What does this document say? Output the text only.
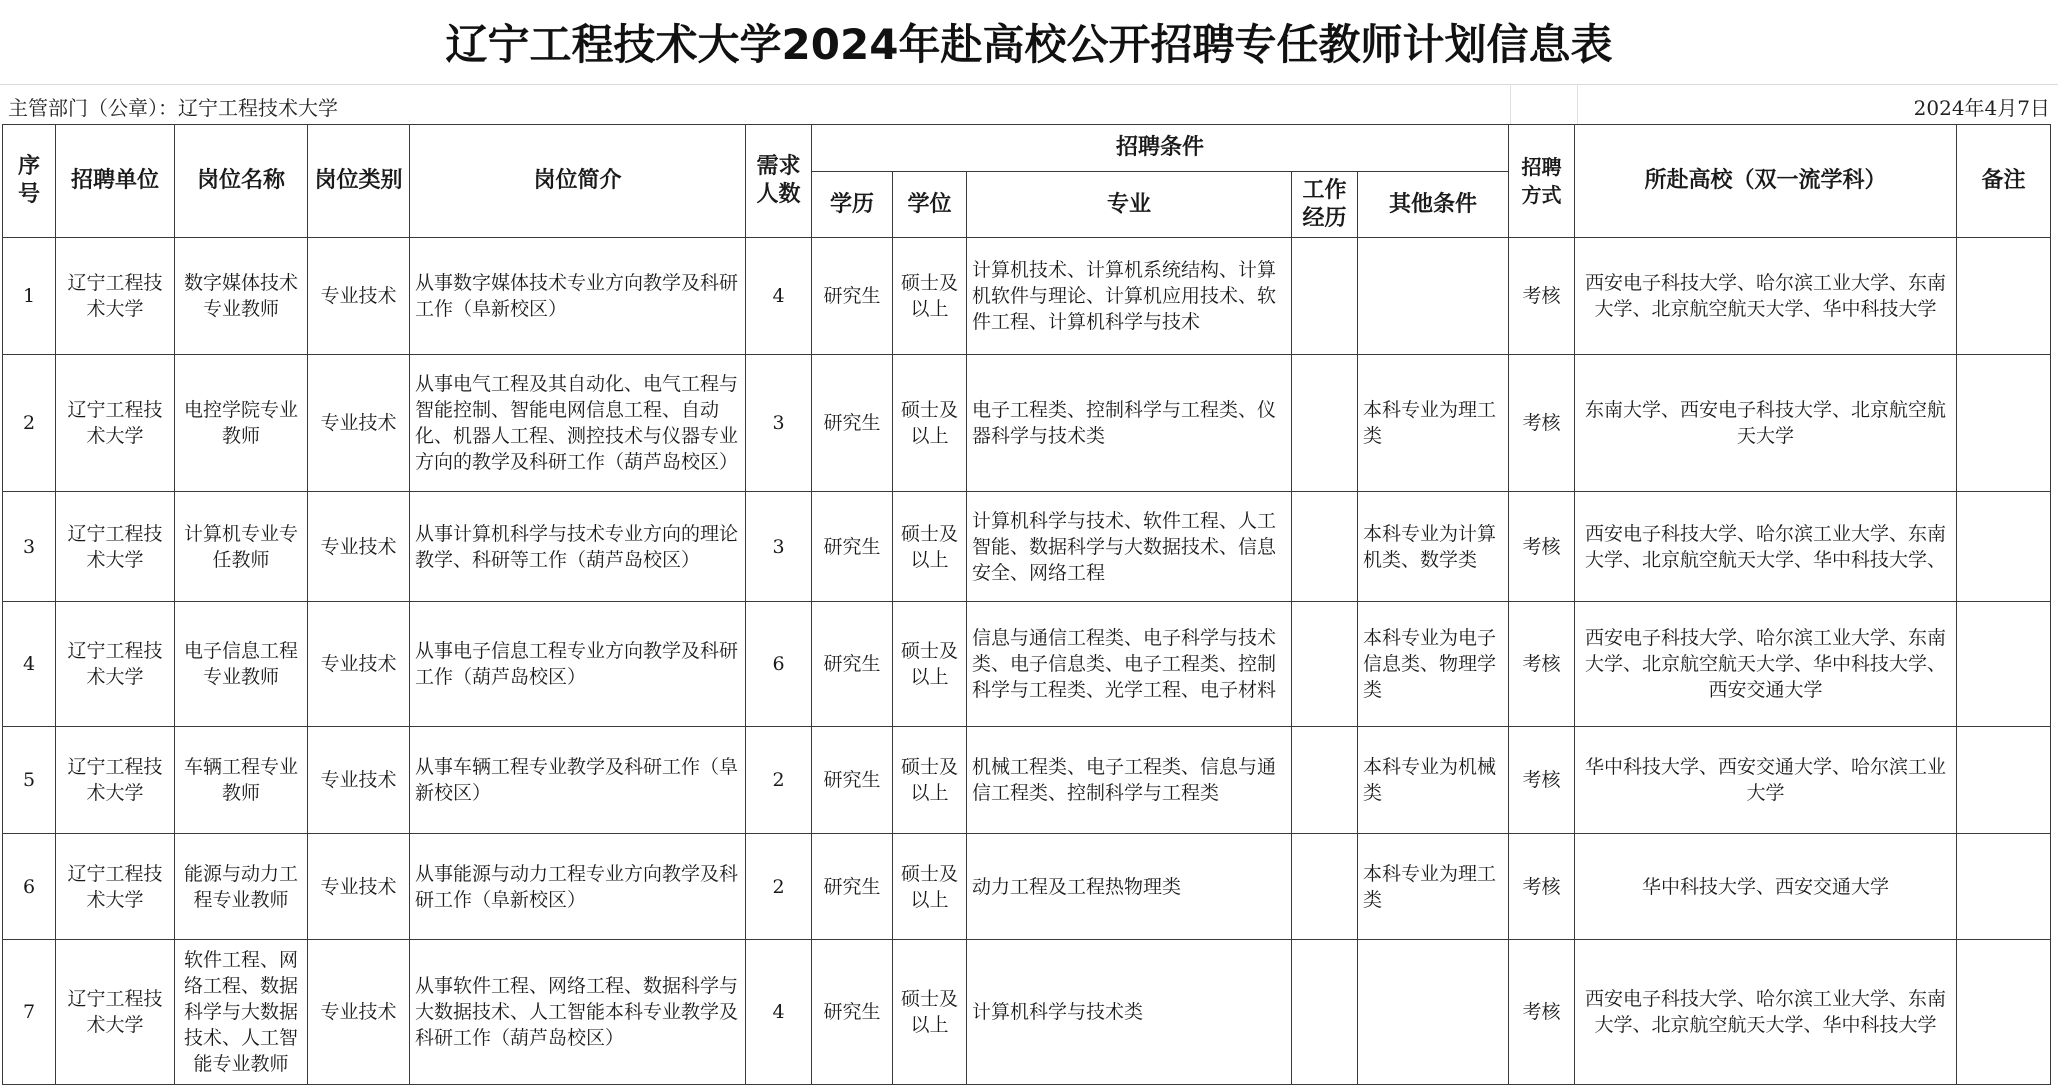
辽宁工程技术大学2024年赴高校公开招聘专任教师计划信息表
主管部门（公章）：辽宁工程技术大学	2024年4月7日
序号	招聘单位	岗位名称	岗位类别	岗位简介	需求人数	招聘条件					招聘方式	所赴高校（双一流学科）	备注
						学历	学位	专业	工作经历	其他条件			
1	辽宁工程技术大学	数字媒体技术专业教师	专业技术	从事数字媒体技术专业方向教学及科研工作（阜新校区）	4	研究生	硕士及以上	计算机技术、计算机系统结构、计算机软件与理论、计算机应用技术、软件工程、计算机科学与技术			考核	西安电子科技大学、哈尔滨工业大学、东南大学、北京航空航天大学、华中科技大学	
2	辽宁工程技术大学	电控学院专业教师	专业技术	从事电气工程及其自动化、电气工程与智能控制、智能电网信息工程、自动化、机器人工程、测控技术与仪器专业方向的教学及科研工作（葫芦岛校区）	3	研究生	硕士及以上	电子工程类、控制科学与工程类、仪器科学与技术类		本科专业为理工类	考核	东南大学、西安电子科技大学、北京航空航天大学	
3	辽宁工程技术大学	计算机专业专任教师	专业技术	从事计算机科学与技术专业方向的理论教学、科研等工作（葫芦岛校区）	3	研究生	硕士及以上	计算机科学与技术、软件工程、人工智能、数据科学与大数据技术、信息安全、网络工程		本科专业为计算机类、数学类	考核	西安电子科技大学、哈尔滨工业大学、东南大学、北京航空航天大学、华中科技大学、	
4	辽宁工程技术大学	电子信息工程专业教师	专业技术	从事电子信息工程专业方向教学及科研工作（葫芦岛校区）	6	研究生	硕士及以上	信息与通信工程类、电子科学与技术类、电子信息类、电子工程类、控制科学与工程类、光学工程、电子材料		本科专业为电子信息类、物理学类	考核	西安电子科技大学、哈尔滨工业大学、东南大学、北京航空航天大学、华中科技大学、西安交通大学	
5	辽宁工程技术大学	车辆工程专业教师	专业技术	从事车辆工程专业教学及科研工作（阜新校区）	2	研究生	硕士及以上	机械工程类、电子工程类、信息与通信工程类、控制科学与工程类		本科专业为机械类	考核	华中科技大学、西安交通大学、哈尔滨工业大学	
6	辽宁工程技术大学	能源与动力工程专业教师	专业技术	从事能源与动力工程专业方向教学及科研工作（阜新校区）	2	研究生	硕士及以上	动力工程及工程热物理类		本科专业为理工类	考核	华中科技大学、西安交通大学	
7	辽宁工程技术大学	软件工程、网络工程、数据科学与大数据技术、人工智能专业教师	专业技术	从事软件工程、网络工程、数据科学与大数据技术、人工智能本科专业教学及科研工作（葫芦岛校区）	4	研究生	硕士及以上	计算机科学与技术类			考核	西安电子科技大学、哈尔滨工业大学、东南大学、北京航空航天大学、华中科技大学	
